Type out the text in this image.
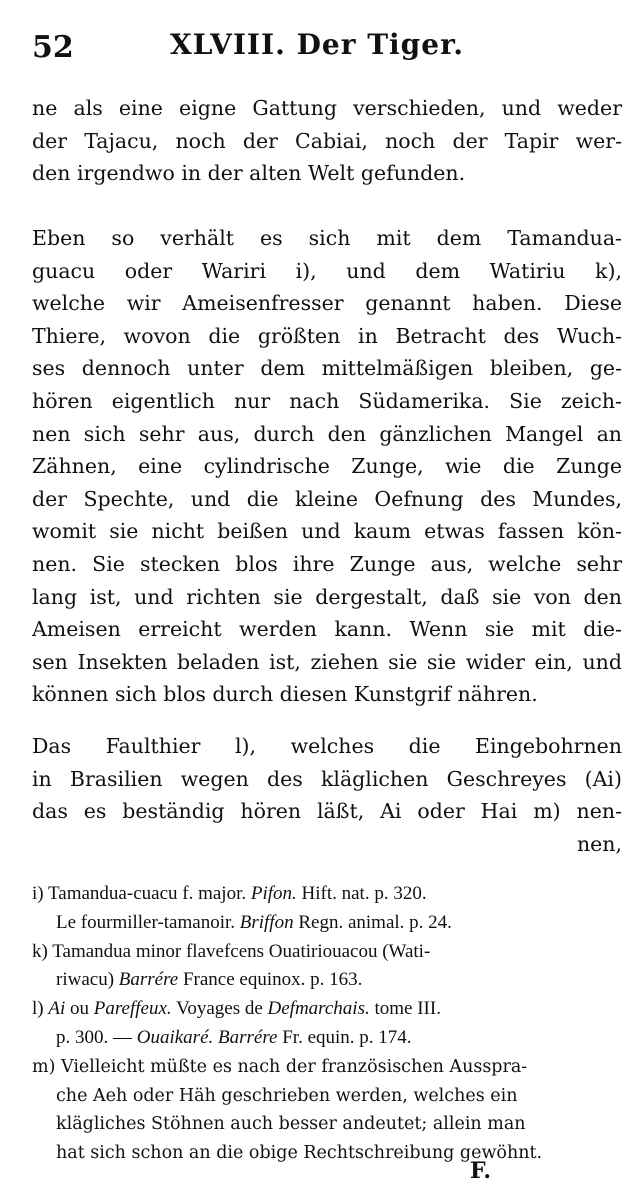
52	XLVIII. Der Tiger.
ne als eine eigne Gattung verschieden, und weder
der Tajacu, noch der Cabiai, noch der Tapir wer-
den irgendwo in der alten Welt gefunden.
Eben so verhält es sich mit dem Tamandua-
guacu oder Wariri i), und dem Watiriu k),
welche wir Ameisenfresser genannt haben. Diese
Thiere, wovon die größten in Betracht des Wuch-
ses dennoch unter dem mittelmäßigen bleiben, ge-
hören eigentlich nur nach Südamerika. Sie zeich-
nen sich sehr aus, durch den gänzlichen Mangel an
Zähnen, eine cylindrische Zunge, wie die Zunge
der Spechte, und die kleine Oefnung des Mundes,
womit sie nicht beißen und kaum etwas fassen kön-
nen. Sie stecken blos ihre Zunge aus, welche sehr
lang ist, und richten sie dergestalt, daß sie von den
Ameisen erreicht werden kann. Wenn sie mit die-
sen Insekten beladen ist, ziehen sie sie wider ein, und
können sich blos durch diesen Kunstgrif nähren.
Das Faulthier l), welches die Eingebohrnen
in Brasilien wegen des kläglichen Geschreyes (Ai)
das es beständig hören läßt, Ai oder Hai m) nen-
nen,
i) Tamandua-cuacu f. major. Pifon. Hift. nat. p. 320.
Le fourmiller-tamanoir. Briffon Regn. animal. p. 24.
k) Tamandua minor flavefcens Ouatiriouacou (Wati-
riwacu) Barrére France equinox. p. 163.
l) Ai ou Pareffeux. Voyages de Defmarchais. tome III.
p. 300. — Ouaikaré. Barrére Fr. equin. p. 174.
m) Vielleicht müßte es nach der französischen Ausspra-
che Aeh oder Häh geschrieben werden, welches ein
klägliches Stöhnen auch besser andeutet; allein man
hat sich schon an die obige Rechtschreibung gewöhnt.
F.
